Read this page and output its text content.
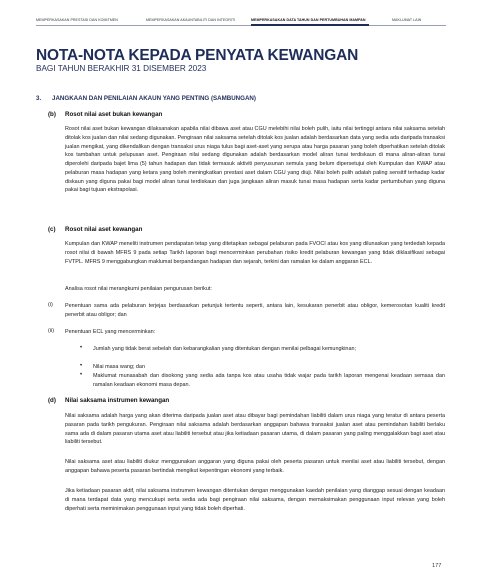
MEMPERKASAKAN PRESTASI DAN KOMITMEN	MEMPERKASAKAN AKAUNTABILITI DAN INTEGRITI	MEMPERKASAKAN DATA TAHUN DAN PERTUMBUHAN MAMPAN	MAKLUMAT LAIN
NOTA-NOTA KEPADA PENYATA KEWANGAN
BAGI TAHUN BERAKHIR 31 DISEMBER 2023
3. JANGKAAN DAN PENILAIAN AKAUN YANG PENTING (SAMBUNGAN)
(b) Rosot nilai aset bukan kewangan
Rosot nilai aset bukan kewangan dilaksanakan apabila nilai dibawa aset atau CGU melebihi nilai boleh pulih, iaitu nilai tertinggi antara nilai saksama setelah ditolak kos jualan dan nilai sedang digunakan. Pengiraan nilai saksama setelah ditolak kos jualan adalah berdasarkan data yang sedia ada daripada transaksi jualan mengikat, yang dikendalikan dengan transaksi urus niaga tulus bagi aset-aset yang serupa atau harga pasaran yang boleh diperhatikan setelah ditolak kos tambahan untuk pelupusan aset. Pengiraan nilai sedang digunakan adalah berdasarkan model aliran tunai terdiskaun di mana aliran-aliran tunai diperolehi daripada bajet lima (5) tahun hadapan dan tidak termasuk aktiviti penyusunan semula yang belum dipersetujui oleh Kumpulan dan KWAP atau pelaburan masa hadapan yang ketara yang boleh meningkatkan prestasi aset dalam CGU yang diuji. Nilai boleh pulih adalah paling sensitif terhadap kadar diskaun yang diguna pakai bagi model aliran tunai terdiskaun dan juga jangkaan aliran masuk tunai masa hadapan serta kadar pertumbuhan yang diguna pakai bagi tujuan ekstrapolasi.
(c) Rosot nilai aset kewangan
Kumpulan dan KWAP meneliti instrumen pendapatan tetap yang ditetapkan sebagai pelaburan pada FVOCI atau kos yang dilunaskan yang terdedah kepada rosot nilai di bawah MFRS 9 pada setiap Tarikh laporan bagi mencerminkan perubahan risiko kredit pelaburan kewangan yang tidak diklasifikasi sebagai FVTPL. MFRS 9 menggabungkan maklumat berpandangan hadapan dan sejarah, terkini dan ramalan ke dalam anggaran ECL.
Analisa rosot nilai merangkumi penilaian pengurusan berikut:
(i) Penentuan sama ada pelaburan terjejas berdasarkan petunjuk tertentu seperti, antara lain, kesukaran penerbit atau obligor, kemerosotan kualiti kredit penerbit atau obligor; dan
(ii) Penentuan ECL yang mencerminkan:
• Jumlah yang tidak berat sebelah dan kebarangkalian yang ditentukan dengan menilai pelbagai kemungkinan;
• Nilai masa wang; dan
• Maklumat munasabah dan disokong yang sedia ada tanpa kos atau usaha tidak wajar pada tarikh laporan mengenai keadaan semasa dan ramalan keadaan ekonomi masa depan.
(d) Nilai saksama instrumen kewangan
Nilai saksama adalah harga yang akan diterima daripada jualan aset atau dibayar bagi pemindahan liabiliti dalam urus niaga yang teratur di antara peserta pasaran pada tarikh pengukuran. Pengiraan nilai saksama adalah berdasarkan anggapan bahawa transaksi jualan aset atau pemindahan liabiliti berlaku sama ada di dalam pasaran utama aset atau liabiliti tersebut atau jika ketiadaan pasaran utama, di dalam pasaran yang paling menggalakkan bagi aset atau liabiliti tersebut.
Nilai saksama aset atau liabiliti diukur menggunakan anggaran yang diguna pakai oleh peserta pasaran untuk menilai aset atau liabiliti tersebut, dengan anggapan bahawa peserta pasaran bertindak mengikut kepentingan ekonomi yang terbaik.
Jika ketiadaan pasaran aktif, nilai saksama instrumen kewangan ditentukan dengan menggunakan kaedah penilaian yang dianggap sesuai dengan keadaan di mana terdapat data yang mencukupi serta sedia ada bagi pengiraan nilai saksama, dengan memaksimakan penggunaan input relevan yang boleh diperhati serta meminimakan penggunaan input yang tidak boleh diperhati.
177
